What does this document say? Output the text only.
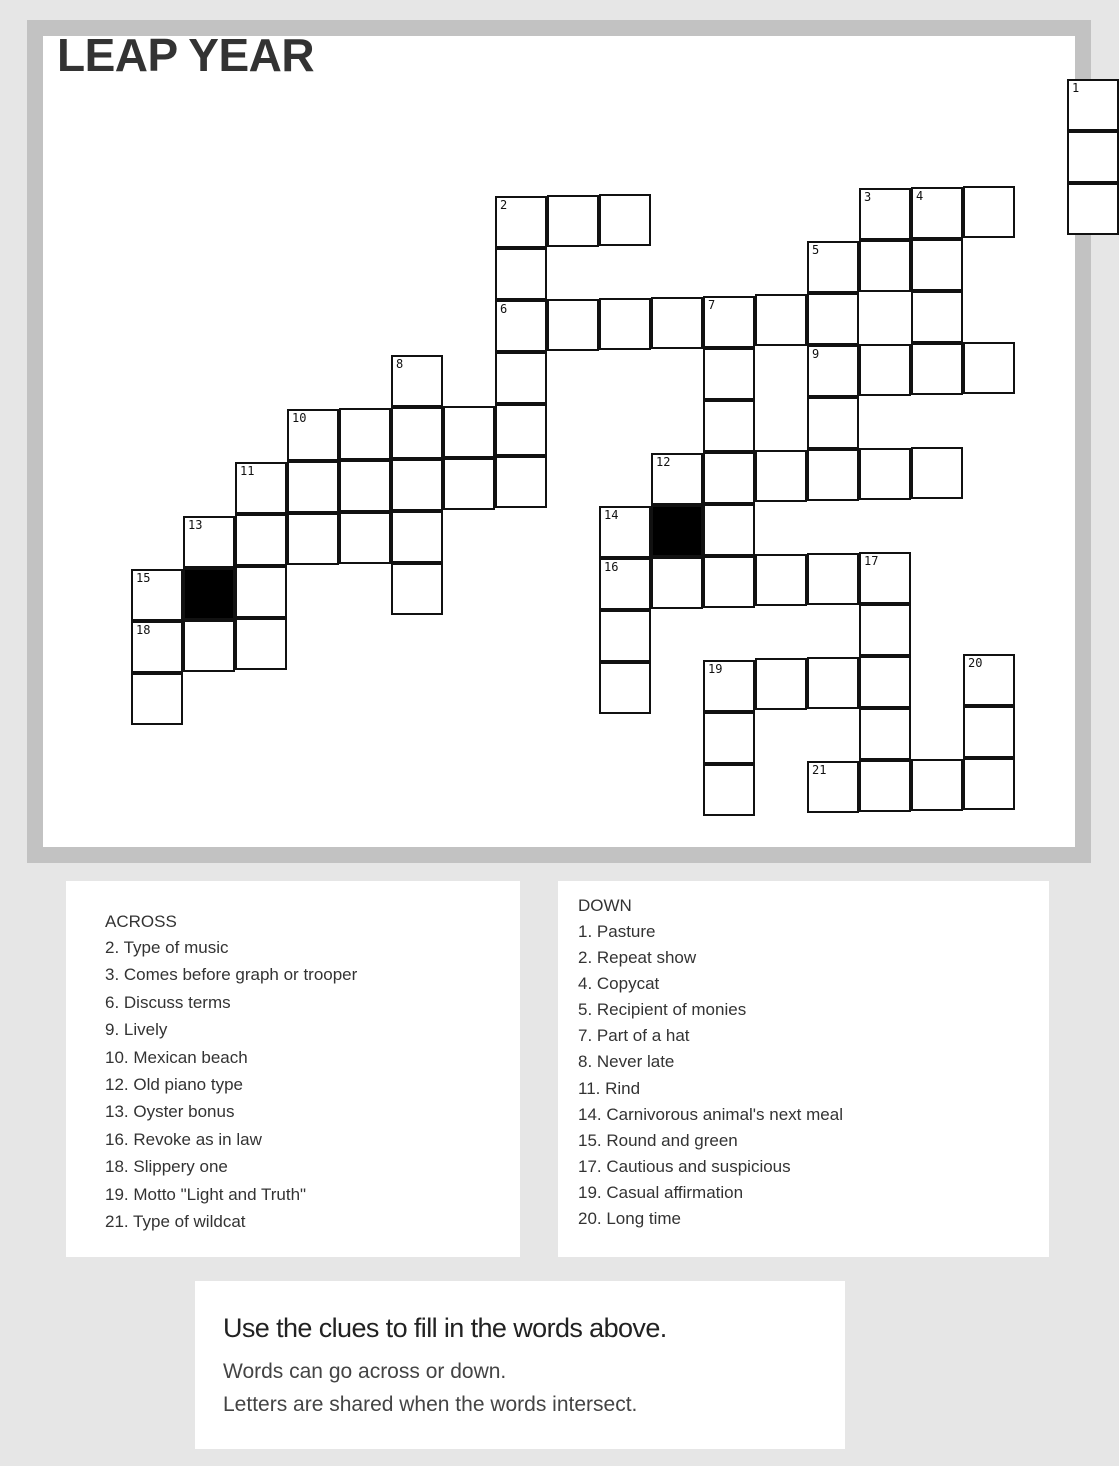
LEAP YEAR
1
3	4
2
5
6	7
8
9
10
11
12
13
14
15
16	17
18
19	20
21
ACROSS
2. Type of music
3. Comes before graph or trooper
6. Discuss terms
9. Lively
10. Mexican beach
12. Old piano type
13. Oyster bonus
16. Revoke as in law
18. Slippery one
19. Motto "Light and Truth"
21. Type of wildcat
DOWN
1. Pasture
2. Repeat show
4. Copycat
5. Recipient of monies
7. Part of a hat
8. Never late
11. Rind
14. Carnivorous animal's next meal
15. Round and green
17. Cautious and suspicious
19. Casual affirmation
20. Long time
Use the clues to fill in the words above.

Words can go across or down.

Letters are shared when the words intersect.
